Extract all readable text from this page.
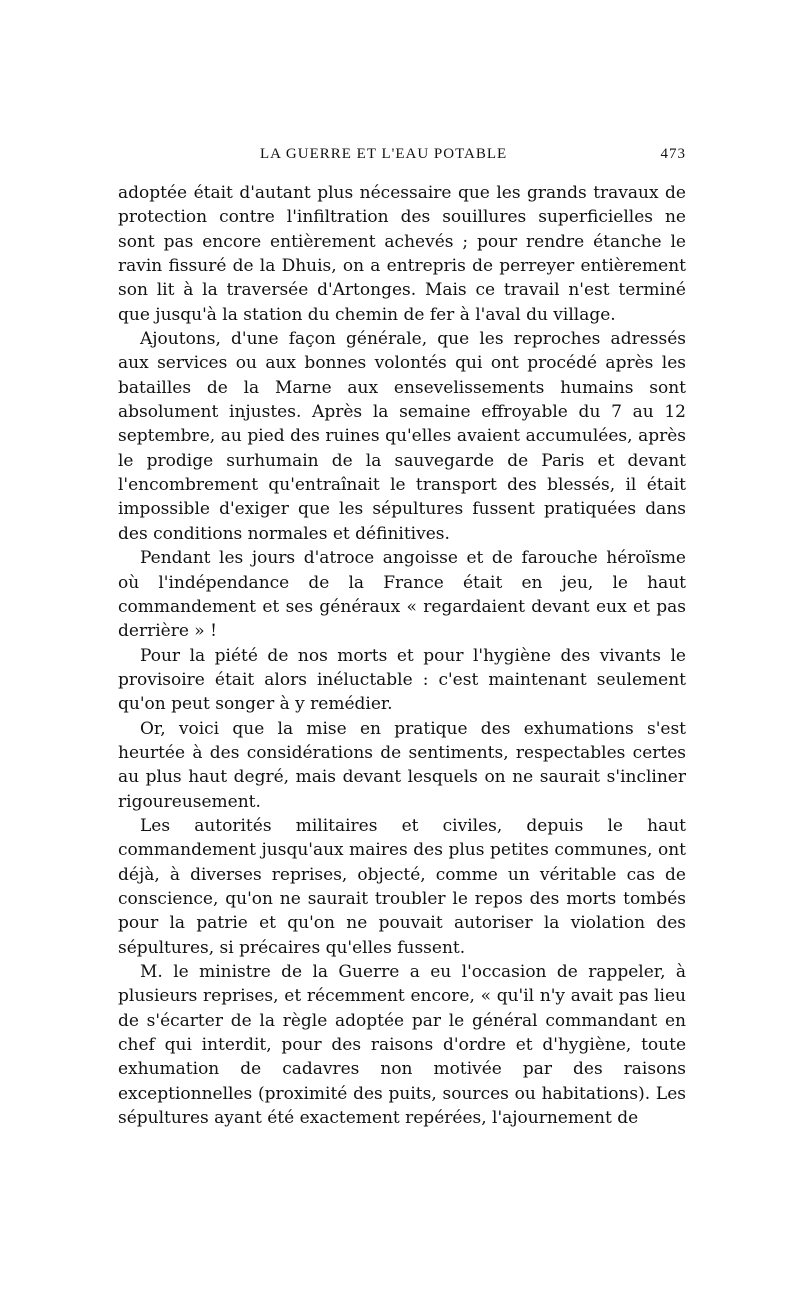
LA GUERRE ET L'EAU POTABLE	473

adoptée était d'autant plus nécessaire que les grands travaux de protection contre l'infiltration des souillures superficielles ne sont pas encore entièrement achevés ; pour rendre étanche le ravin fissuré de la Dhuis, on a entrepris de perreyer entièrement son lit à la traversée d'Artonges. Mais ce travail n'est terminé que jusqu'à la station du chemin de fer à l'aval du village.

Ajoutons, d'une façon générale, que les reproches adressés aux services ou aux bonnes volontés qui ont procédé après les batailles de la Marne aux ensevelissements humains sont absolument injustes. Après la semaine effroyable du 7 au 12 septembre, au pied des ruines qu'elles avaient accumulées, après le prodige surhumain de la sauvegarde de Paris et devant l'encombrement qu'entraînait le transport des blessés, il était impossible d'exiger que les sépultures fussent pratiquées dans des conditions normales et définitives.

Pendant les jours d'atroce angoisse et de farouche héroïsme où l'indépendance de la France était en jeu, le haut commandement et ses généraux « regardaient devant eux et pas derrière » !

Pour la piété de nos morts et pour l'hygiène des vivants le provisoire était alors inéluctable : c'est maintenant seulement qu'on peut songer à y remédier.

Or, voici que la mise en pratique des exhumations s'est heurtée à des considérations de sentiments, respectables certes au plus haut degré, mais devant lesquels on ne saurait s'incliner rigoureusement.

Les autorités militaires et civiles, depuis le haut commandement jusqu'aux maires des plus petites communes, ont déjà, à diverses reprises, objecté, comme un véritable cas de conscience, qu'on ne saurait troubler le repos des morts tombés pour la patrie et qu'on ne pouvait autoriser la violation des sépultures, si précaires qu'elles fussent.

M. le ministre de la Guerre a eu l'occasion de rappeler, à plusieurs reprises, et récemment encore, « qu'il n'y avait pas lieu de s'écarter de la règle adoptée par le général commandant en chef qui interdit, pour des raisons d'ordre et d'hygiène, toute exhumation de cadavres non motivée par des raisons exceptionnelles (proximité des puits, sources ou habitations). Les sépultures ayant été exactement repérées, l'ajournement de
